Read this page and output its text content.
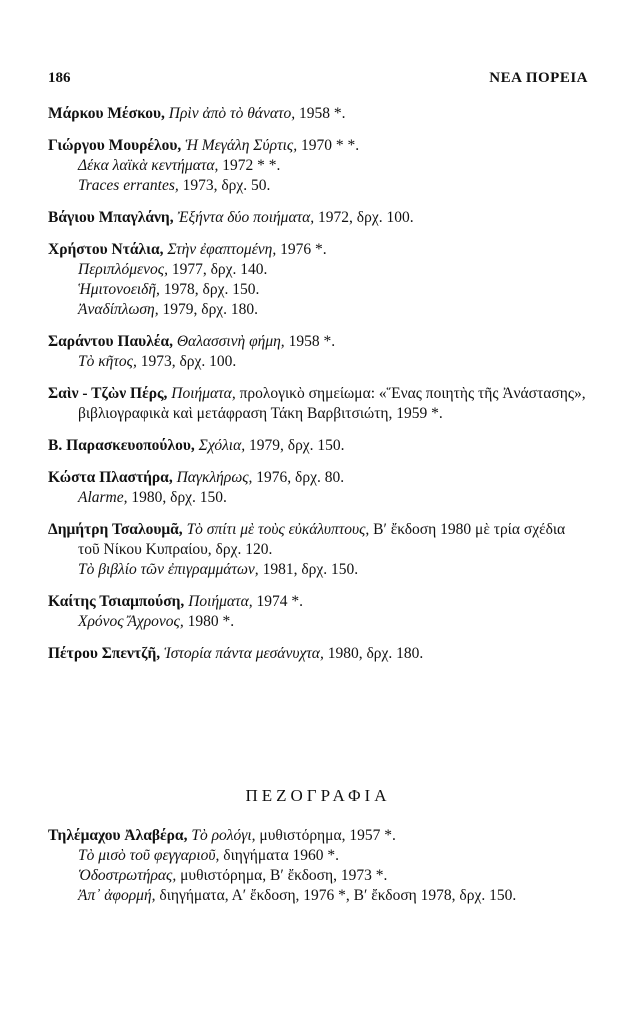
186	ΝΕΑ ΠΟΡΕΙΑ
Μάρκου Μέσκου, Πρὶν ἀπὸ τὸ θάνατο, 1958 *.
Γιώργου Μουρέλου, Ἡ Μεγάλη Σύρτις, 1970 * *.
Δέκα λαϊκὰ κεντήματα, 1972 * *.
Traces errantes, 1973, δρχ. 50.
Βάγιου Μπαγλάνη, Ἐξήντα δύο ποιήματα, 1972, δρχ. 100.
Χρήστου Ντάλια, Στὴν ἐφαπτομένη, 1976 *.
Περιπλόμενος, 1977, δρχ. 140.
Ἡμιτονοειδῆ, 1978, δρχ. 150.
Ἀναδίπλωση, 1979, δρχ. 180.
Σαράντου Παυλέα, Θαλασσινὴ φήμη, 1958 *.
Τὸ κῆτος, 1973, δρχ. 100.
Σαὶν - Τζὼν Πέρς, Ποιήματα, προλογικὸ σημείωμα: «Ἕνας ποιητὴς τῆς Ἀνάστασης», βιβλιογραφικὰ καὶ μετάφραση Τάκη Βαρβιτσιώτη, 1959 *.
Β. Παρασκευοπούλου, Σχόλια, 1979, δρχ. 150.
Κώστα Πλαστήρα, Παγκλήρως, 1976, δρχ. 80.
Alarme, 1980, δρχ. 150.
Δημήτρη Τσαλουμᾶ, Τὸ σπίτι μὲ τοὺς εὐκάλυπτους, Β′ ἔκδοση 1980 μὲ τρία σχέδια τοῦ Νίκου Κυπραίου, δρχ. 120.
Τὸ βιβλίο τῶν ἐπιγραμμάτων, 1981, δρχ. 150.
Καίτης Τσιαμπούση, Ποιήματα, 1974 *.
Χρόνος Ἄχρονος, 1980 *.
Πέτρου Σπεντζῆ, Ἱστορία πάντα μεσάνυχτα, 1980, δρχ. 180.
ΠΕΖΟΓΡΑΦΙΑ
Τηλέμαχου Ἀλαβέρα, Τὸ ρολόγι, μυθιστόρημα, 1957 *.
Τὸ μισὸ τοῦ φεγγαριοῦ, διηγήματα 1960 *.
Ὁδοστρωτήρας, μυθιστόρημα, Β′ ἔκδοση, 1973 *.
Ἀπ᾽ ἀφορμή, διηγήματα, Α′ ἔκδοση, 1976 *, Β′ ἔκδοση 1978, δρχ. 150.
